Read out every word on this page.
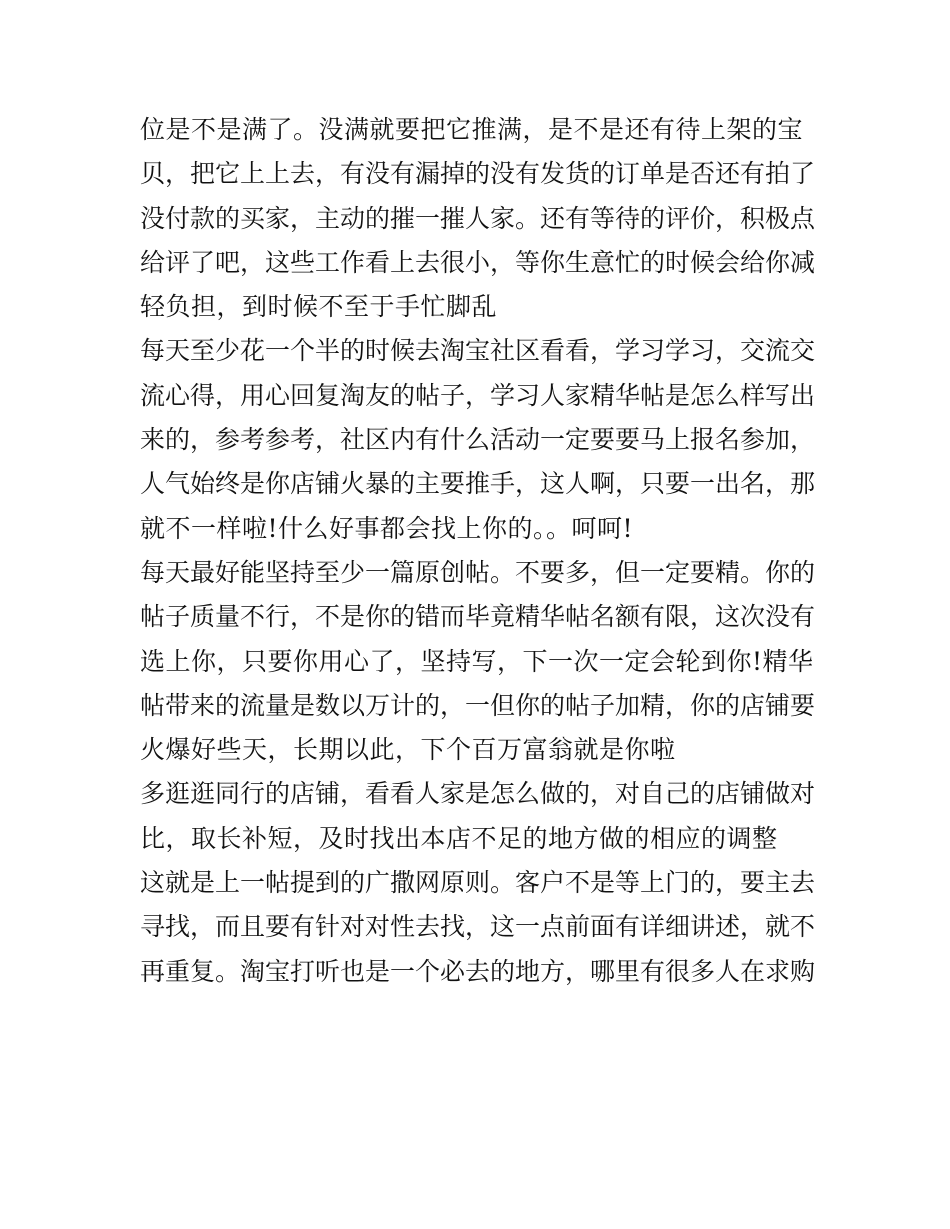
位是不是满了。没满就要把它推满，是不是还有待上架的宝
贝，把它上上去，有没有漏掉的没有发货的订单是否还有拍了
没付款的买家，主动的摧一摧人家。还有等待的评价，积极点
给评了吧，这些工作看上去很小，等你生意忙的时候会给你减
轻负担，到时候不至于手忙脚乱

每天至少花一个半的时候去淘宝社区看看，学习学习，交流交
流心得，用心回复淘友的帖子，学习人家精华帖是怎么样写出
来的，参考参考，社区内有什么活动一定要要马上报名参加，
人气始终是你店铺火暴的主要推手，这人啊，只要一出名，那
就不一样啦!什么好事都会找上你的。。呵呵!

每天最好能坚持至少一篇原创帖。不要多，但一定要精。你的
帖子质量不行，不是你的错而毕竟精华帖名额有限，这次没有
选上你，只要你用心了，坚持写，下一次一定会轮到你!精华
帖带来的流量是数以万计的，一但你的帖子加精，你的店铺要
火爆好些天，长期以此，下个百万富翁就是你啦

多逛逛同行的店铺，看看人家是怎么做的，对自己的店铺做对
比，取长补短，及时找出本店不足的地方做的相应的调整

这就是上一帖提到的广撒网原则。客户不是等上门的，要主去
寻找，而且要有针对对性去找，这一点前面有详细讲述，就不
再重复。淘宝打听也是一个必去的地方，哪里有很多人在求购
